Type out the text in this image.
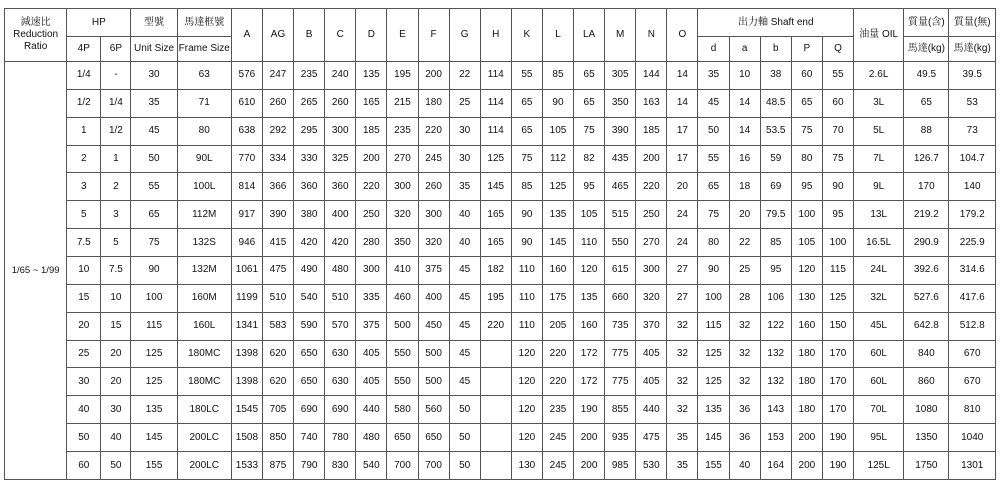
減速比
Reduction
Ratio	HP		型號	馬達框號	A	AG	B	C	D	E	F	G	H	K	L	LA	M	N	O	出力軸 Shaft end					油量 OIL	質量(含)	質量(無)
	4P	6P	Unit Size	Frame Size																d	a	b	P	Q		馬達(kg)	馬達(kg)
1/65 ~ 1/99	1/4	-	30	63	576	247	235	240	135	195	200	22	114	55	85	65	305	144	14	35	10	38	60	55	2.6L	49.5	39.5
	1/2	1/4	35	71	610	260	265	260	165	215	180	25	114	65	90	65	350	163	14	45	14	48.5	65	60	3L	65	53
	1	1/2	45	80	638	292	295	300	185	235	220	30	114	65	105	75	390	185	17	50	14	53.5	75	70	5L	88	73
	2	1	50	90L	770	334	330	325	200	270	245	30	125	75	112	82	435	200	17	55	16	59	80	75	7L	126.7	104.7
	3	2	55	100L	814	366	360	360	220	300	260	35	145	85	125	95	465	220	20	65	18	69	95	90	9L	170	140
	5	3	65	112M	917	390	380	400	250	320	300	40	165	90	135	105	515	250	24	75	20	79.5	100	95	13L	219.2	179.2
	7.5	5	75	132S	946	415	420	420	280	350	320	40	165	90	145	110	550	270	24	80	22	85	105	100	16.5L	290.9	225.9
	10	7.5	90	132M	1061	475	490	480	300	410	375	45	182	110	160	120	615	300	27	90	25	95	120	115	24L	392.6	314.6
	15	10	100	160M	1199	510	540	510	335	460	400	45	195	110	175	135	660	320	27	100	28	106	130	125	32L	527.6	417.6
	20	15	115	160L	1341	583	590	570	375	500	450	45	220	110	205	160	735	370	32	115	32	122	160	150	45L	642.8	512.8
	25	20	125	180MC	1398	620	650	630	405	550	500	45		120	220	172	775	405	32	125	32	132	180	170	60L	840	670
	30	20	125	180MC	1398	620	650	630	405	550	500	45		120	220	172	775	405	32	125	32	132	180	170	60L	860	670
	40	30	135	180LC	1545	705	690	690	440	580	560	50		120	235	190	855	440	32	135	36	143	180	170	70L	1080	810
	50	40	145	200LC	1508	850	740	780	480	650	650	50		120	245	200	935	475	35	145	36	153	200	190	95L	1350	1040
	60	50	155	200LC	1533	875	790	830	540	700	700	50		130	245	200	985	530	35	155	40	164	200	190	125L	1750	1301
